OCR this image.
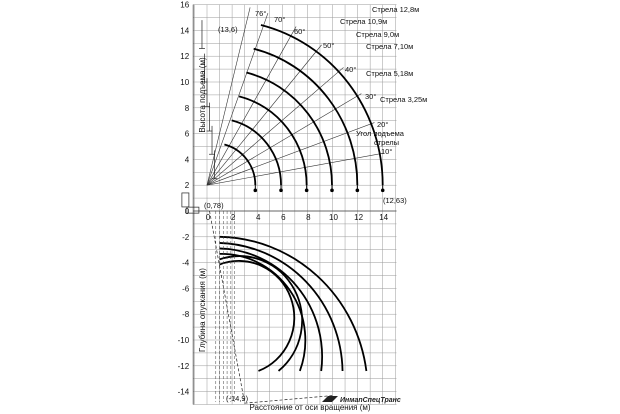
0	2	4	6	8 10 12 14
16
14
12
10
8
6
4
2
0
-2
-4
-6
-8
-10
-12
-14
Стрела 12,8м
Стрела 10,9м
Стрела 9,0м
Стрела 7,10м
Стрела 5,18м
Стрела 3,25м
76°
70°
60°
50°
40°
30°
20°
10°
Угол подъема
стрелы
(13,6)
(12,63)
(-14,9)
(0,78)
Расстояние от оси вращения (м)
Высота подъема (м)
Глубина опускания (м)
ИнмanСпецТранс
